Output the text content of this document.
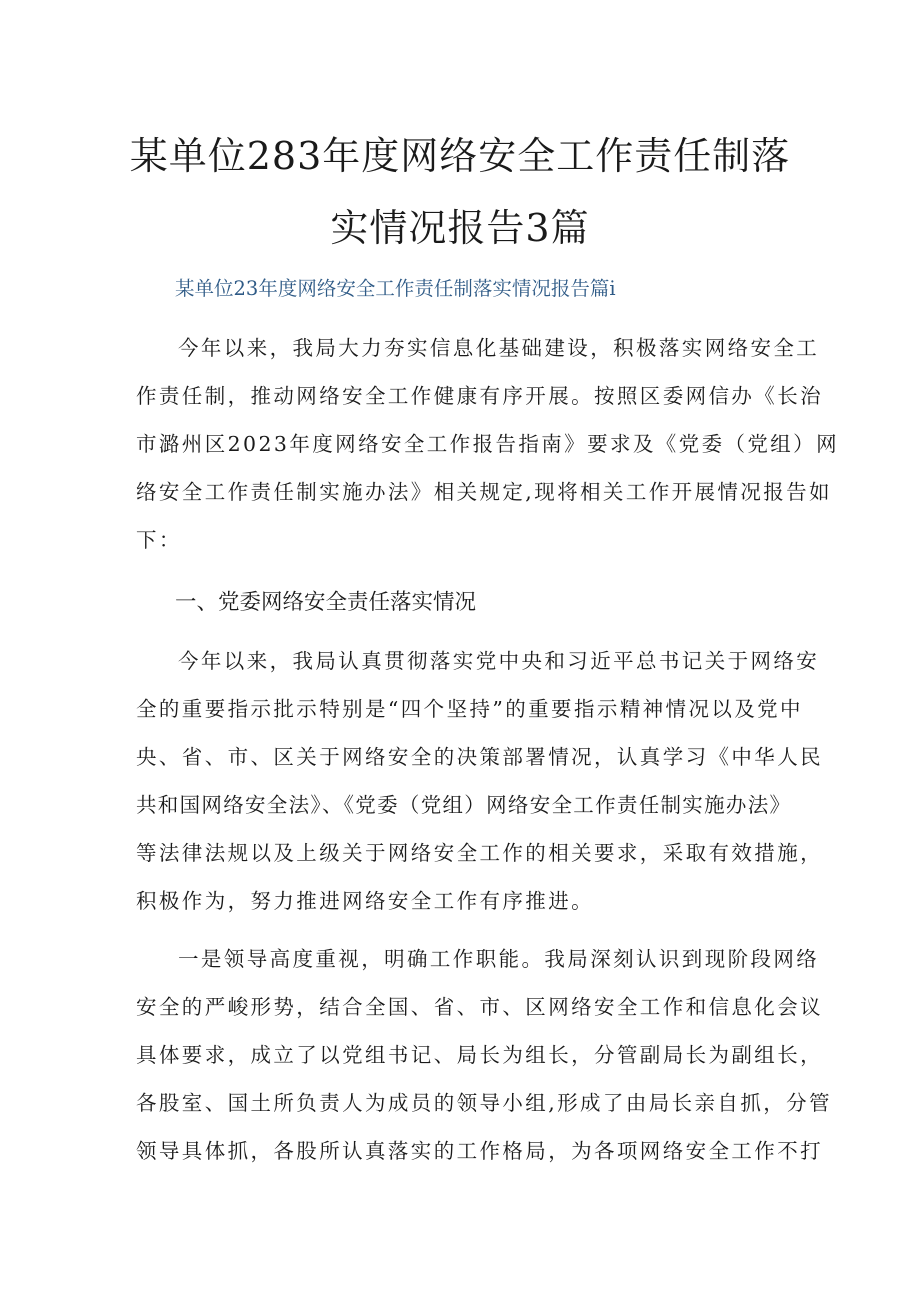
某单位283年度网络安全工作责任制落
实情况报告3篇
某单位23年度网络安全工作责任制落实情况报告篇i
今年以来，我局大力夯实信息化基础建设，积极落实网络安全工
作责任制，推动网络安全工作健康有序开展。按照区委网信办《长治
市潞州区2023年度网络安全工作报告指南》要求及《党委（党组）网
络安全工作责任制实施办法》相关规定,现将相关工作开展情况报告如
下：
一、党委网络安全责任落实情况
今年以来，我局认真贯彻落实党中央和习近平总书记关于网络安
全的重要指示批示特别是“四个坚持”的重要指示精神情况以及党中
央、省、市、区关于网络安全的决策部署情况，认真学习《中华人民
共和国网络安全法》、《党委（党组）网络安全工作责任制实施办法》
等法律法规以及上级关于网络安全工作的相关要求，采取有效措施，
积极作为，努力推进网络安全工作有序推进。
一是领导高度重视，明确工作职能。我局深刻认识到现阶段网络
安全的严峻形势，结合全国、省、市、区网络安全工作和信息化会议
具体要求，成立了以党组书记、局长为组长，分管副局长为副组长，
各股室、国土所负责人为成员的领导小组,形成了由局长亲自抓，分管
领导具体抓，各股所认真落实的工作格局，为各项网络安全工作不打
